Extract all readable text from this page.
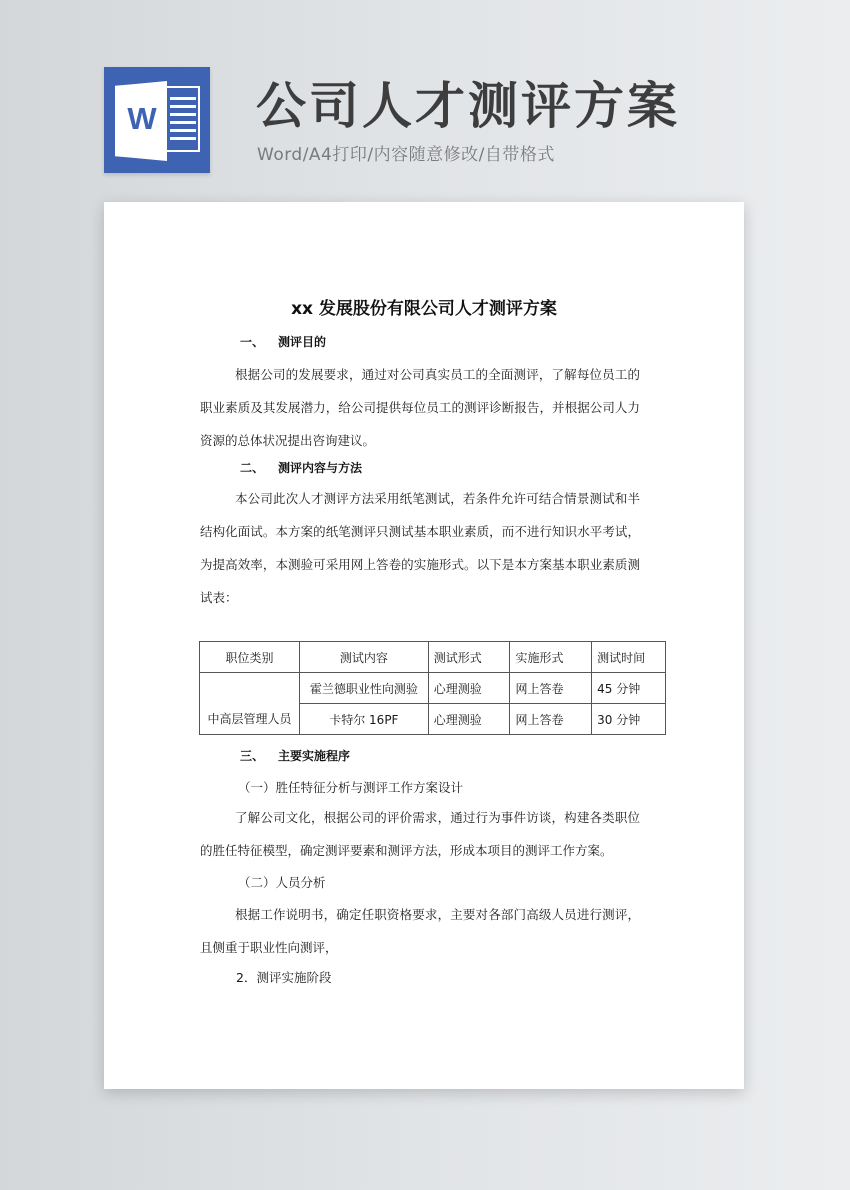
W 公司人才测评方案
Word/A4打印/内容随意修改/自带格式
xx 发展股份有限公司人才测评方案
一、 测评目的
根据公司的发展要求，通过对公司真实员工的全面测评，了解每位员工的职业素质及其发展潜力，给公司提供每位员工的测评诊断报告，并根据公司人力资源的总体状况提出咨询建议。
二、 测评内容与方法
本公司此次人才测评方法采用纸笔测试，若条件允许可结合情景测试和半结构化面试。本方案的纸笔测评只测试基本职业素质，而不进行知识水平考试，为提高效率，本测验可采用网上答卷的实施形式。以下是本方案基本职业素质测试表：
职位类别	测试内容	测试形式	实施形式	测试时间
中高层管理人员	霍兰德职业性向测验	心理测验	网上答卷	45 分钟
	卡特尔 16PF	心理测验	网上答卷	30 分钟
三、 主要实施程序
（一）胜任特征分析与测评工作方案设计
了解公司文化，根据公司的评价需求，通过行为事件访谈，构建各类职位的胜任特征模型，确定测评要素和测评方法，形成本项目的测评工作方案。
（二）人员分析
根据工作说明书，确定任职资格要求，主要对各部门高级人员进行测评，且侧重于职业性向测评，
2．测评实施阶段
